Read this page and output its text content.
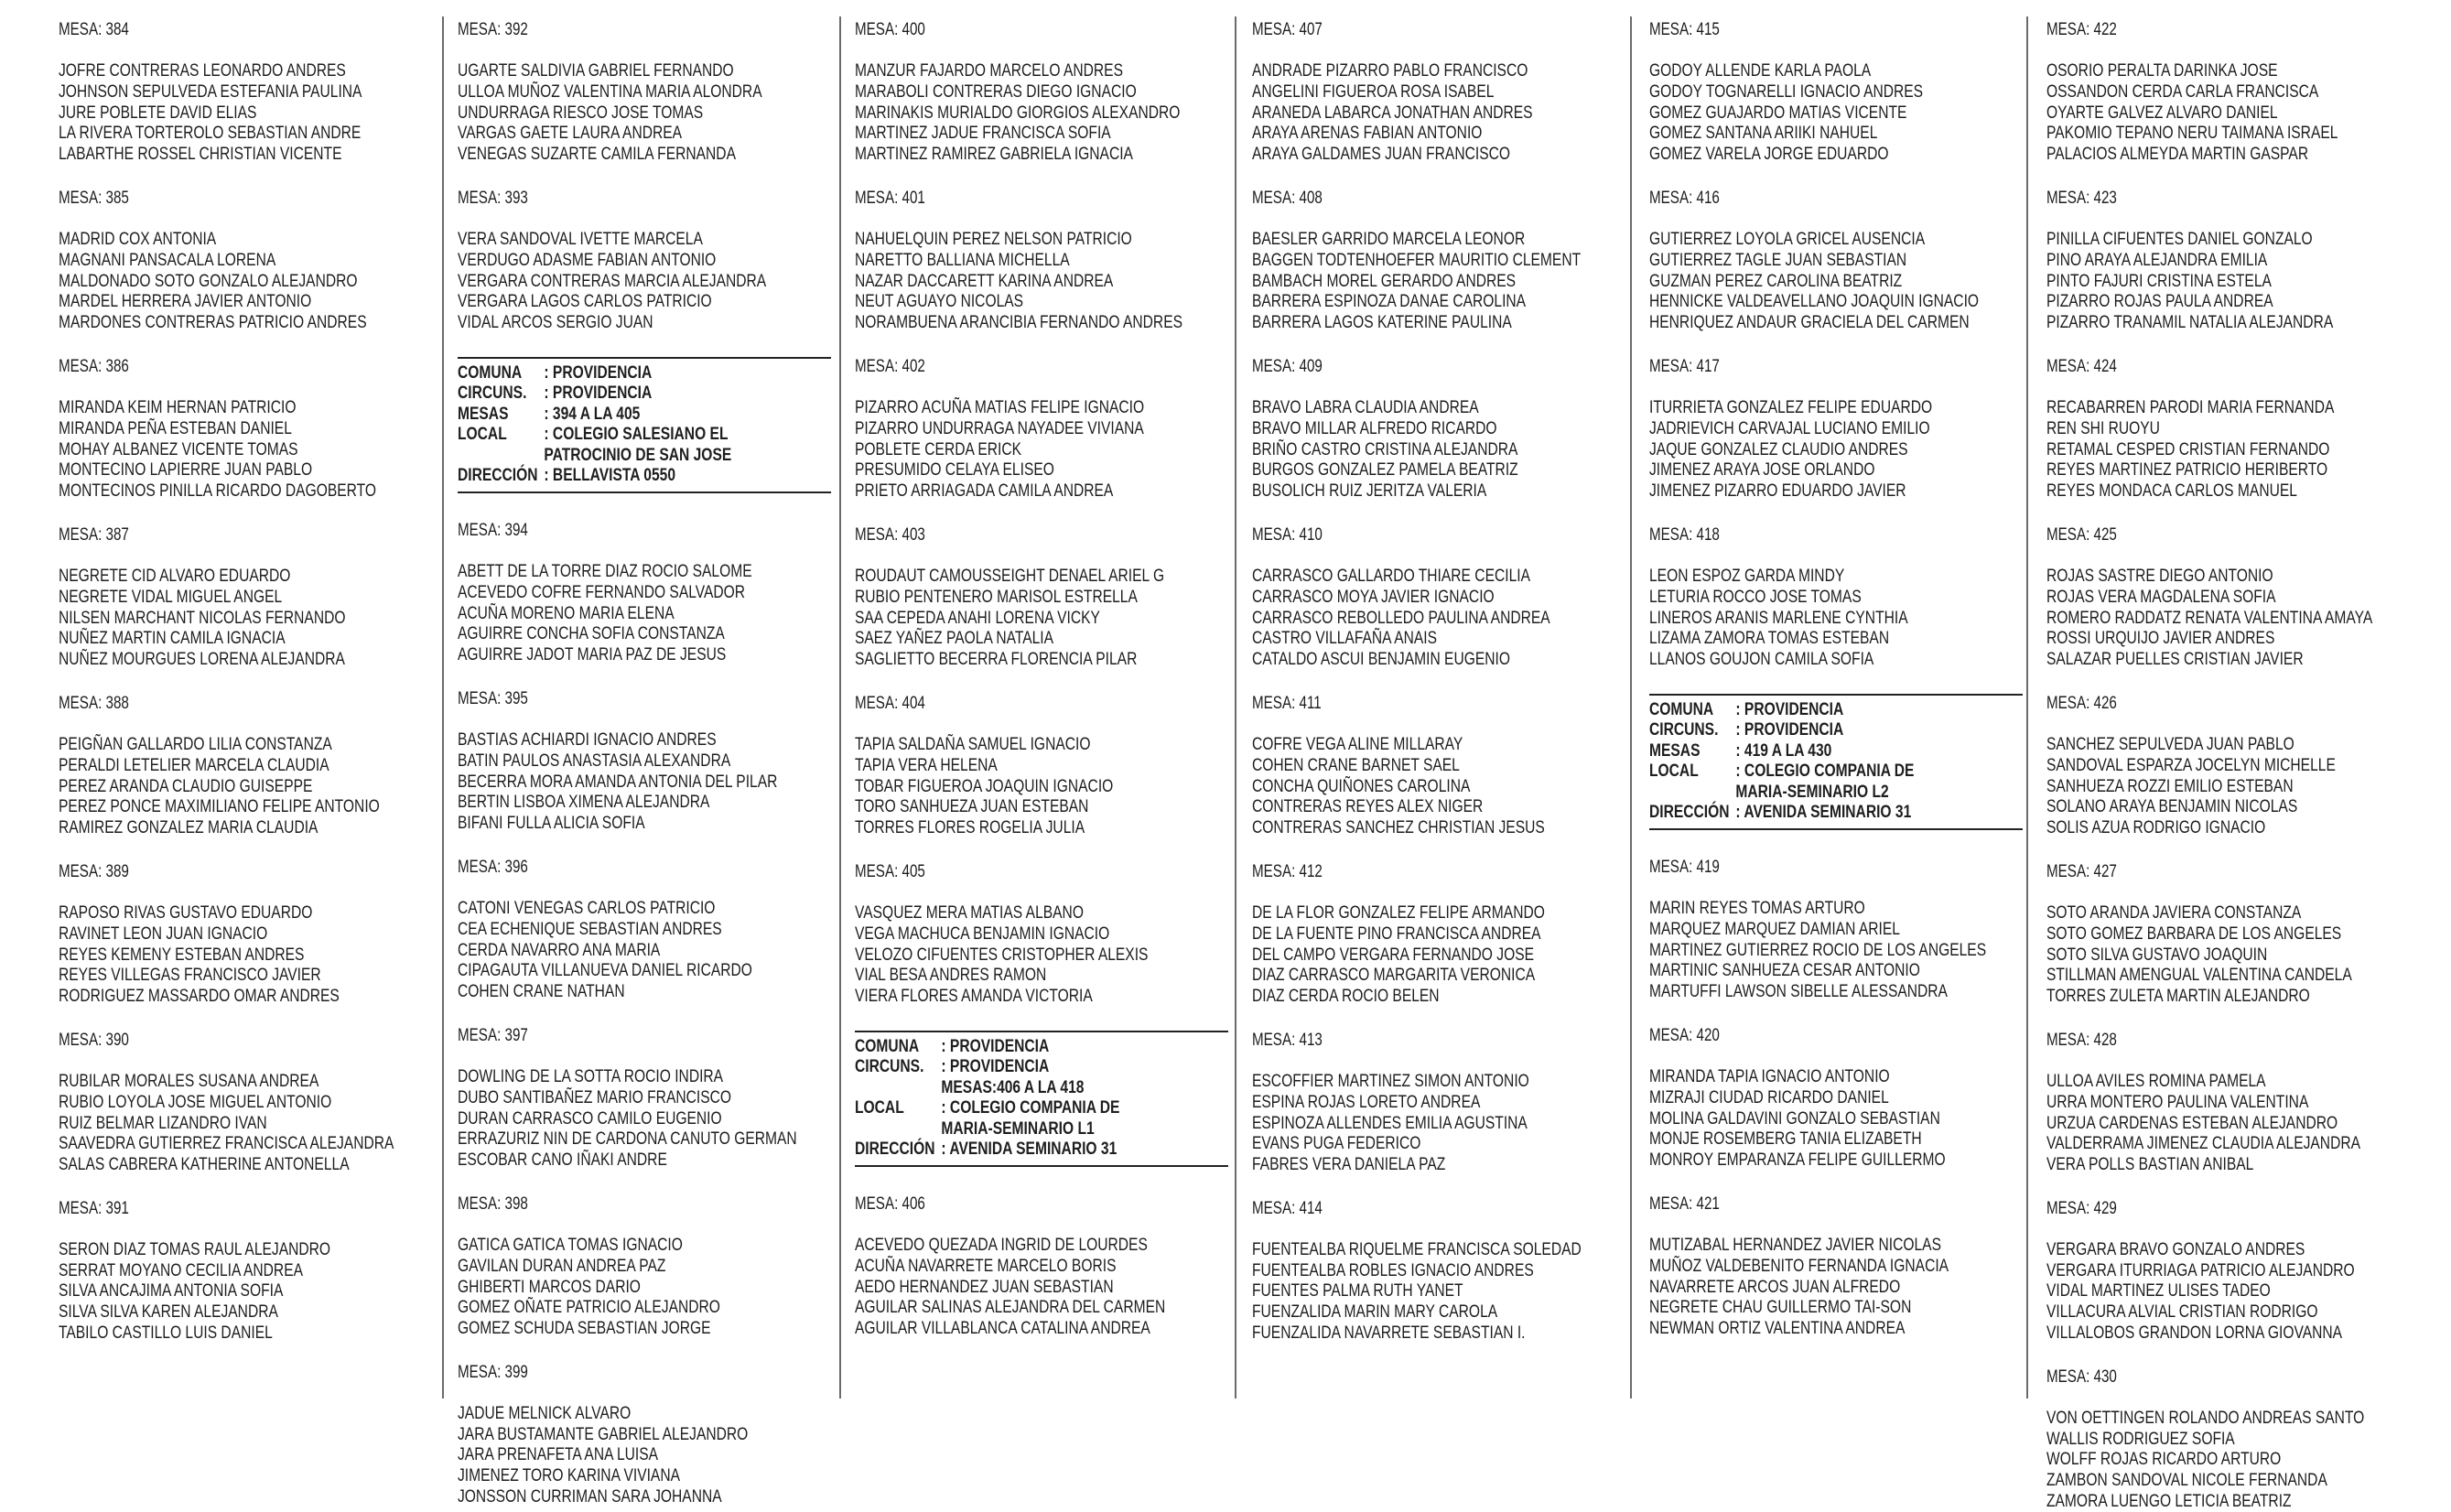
MESA: 384
JOFRE CONTRERAS LEONARDO ANDRES
JOHNSON SEPULVEDA ESTEFANIA PAULINA
JURE POBLETE DAVID ELIAS
LA RIVERA TORTEROLO SEBASTIAN ANDRE
LABARTHE ROSSEL CHRISTIAN VICENTE
MESA: 385
MADRID COX ANTONIA
MAGNANI PANSACALA LORENA
MALDONADO SOTO GONZALO ALEJANDRO
MARDEL HERRERA JAVIER ANTONIO
MARDONES CONTRERAS PATRICIO ANDRES
MESA: 386
MIRANDA KEIM HERNAN PATRICIO
MIRANDA PEÑA ESTEBAN DANIEL
MOHAY ALBANEZ VICENTE TOMAS
MONTECINO LAPIERRE JUAN PABLO
MONTECINOS PINILLA RICARDO DAGOBERTO
MESA: 387
NEGRETE CID ALVARO EDUARDO
NEGRETE VIDAL MIGUEL ANGEL
NILSEN MARCHANT NICOLAS FERNANDO
NUÑEZ MARTIN CAMILA IGNACIA
NUÑEZ MOURGUES LORENA ALEJANDRA
MESA: 388
PEIGÑAN GALLARDO LILIA CONSTANZA
PERALDI LETELIER MARCELA CLAUDIA
PEREZ ARANDA CLAUDIO GUISEPPE
PEREZ PONCE MAXIMILIANO FELIPE ANTONIO
RAMIREZ GONZALEZ MARIA CLAUDIA
MESA: 389
RAPOSO RIVAS GUSTAVO EDUARDO
RAVINET LEON JUAN IGNACIO
REYES KEMENY ESTEBAN ANDRES
REYES VILLEGAS FRANCISCO JAVIER
RODRIGUEZ MASSARDO OMAR ANDRES
MESA: 390
RUBILAR MORALES SUSANA ANDREA
RUBIO LOYOLA JOSE MIGUEL ANTONIO
RUIZ BELMAR LIZANDRO IVAN
SAAVEDRA GUTIERREZ FRANCISCA ALEJANDRA
SALAS CABRERA KATHERINE ANTONELLA
MESA: 391
SERON DIAZ TOMAS RAUL ALEJANDRO
SERRAT MOYANO CECILIA ANDREA
SILVA ANCAJIMA ANTONIA SOFIA
SILVA SILVA KAREN ALEJANDRA
TABILO CASTILLO LUIS DANIEL
MESA: 392
UGARTE SALDIVIA GABRIEL FERNANDO
ULLOA MUÑOZ VALENTINA MARIA ALONDRA
UNDURRAGA RIESCO JOSE TOMAS
VARGAS GAETE LAURA ANDREA
VENEGAS SUZARTE CAMILA FERNANDA
MESA: 393
VERA SANDOVAL IVETTE MARCELA
VERDUGO ADASME FABIAN ANTONIO
VERGARA CONTRERAS MARCIA ALEJANDRA
VERGARA LAGOS CARLOS PATRICIO
VIDAL ARCOS SERGIO JUAN
COMUNA	: PROVIDENCIA
CIRCUNS.	: PROVIDENCIA
MESAS	: 394 A LA 405
LOCAL	: COLEGIO SALESIANO EL
	PATROCINIO DE SAN JOSE
DIRECCIÓN	: BELLAVISTA 0550
MESA: 394
ABETT DE LA TORRE DIAZ ROCIO SALOME
ACEVEDO COFRE FERNANDO SALVADOR
ACUÑA MORENO MARIA ELENA
AGUIRRE CONCHA SOFIA CONSTANZA
AGUIRRE JADOT MARIA PAZ DE JESUS
MESA: 395
BASTIAS ACHIARDI IGNACIO ANDRES
BATIN PAULOS ANASTASIA ALEXANDRA
BECERRA MORA AMANDA ANTONIA DEL PILAR
BERTIN LISBOA XIMENA ALEJANDRA
BIFANI FULLA ALICIA SOFIA
MESA: 396
CATONI VENEGAS CARLOS PATRICIO
CEA ECHENIQUE SEBASTIAN ANDRES
CERDA NAVARRO ANA MARIA
CIPAGAUTA VILLANUEVA DANIEL RICARDO
COHEN CRANE NATHAN
MESA: 397
DOWLING DE LA SOTTA ROCIO INDIRA
DUBO SANTIBAÑEZ MARIO FRANCISCO
DURAN CARRASCO CAMILO EUGENIO
ERRAZURIZ NIN DE CARDONA CANUTO GERMAN
ESCOBAR CANO IÑAKI ANDRE
MESA: 398
GATICA GATICA TOMAS IGNACIO
GAVILAN DURAN ANDREA PAZ
GHIBERTI MARCOS DARIO
GOMEZ OÑATE PATRICIO ALEJANDRO
GOMEZ SCHUDA SEBASTIAN JORGE
MESA: 399
JADUE MELNICK ALVARO
JARA BUSTAMANTE GABRIEL ALEJANDRO
JARA PRENAFETA ANA LUISA
JIMENEZ TORO KARINA VIVIANA
JONSSON CURRIMAN SARA JOHANNA
MESA: 400
MANZUR FAJARDO MARCELO ANDRES
MARABOLI CONTRERAS DIEGO IGNACIO
MARINAKIS MURIALDO GIORGIOS ALEXANDRO
MARTINEZ JADUE FRANCISCA SOFIA
MARTINEZ RAMIREZ GABRIELA IGNACIA
MESA: 401
NAHUELQUIN PEREZ NELSON PATRICIO
NARETTO BALLIANA MICHELLA
NAZAR DACCARETT KARINA ANDREA
NEUT AGUAYO NICOLAS
NORAMBUENA ARANCIBIA FERNANDO ANDRES
MESA: 402
PIZARRO ACUÑA MATIAS FELIPE IGNACIO
PIZARRO UNDURRAGA NAYADEE VIVIANA
POBLETE CERDA ERICK
PRESUMIDO CELAYA ELISEO
PRIETO ARRIAGADA CAMILA ANDREA
MESA: 403
ROUDAUT CAMOUSSEIGHT DENAEL ARIEL G
RUBIO PENTENERO MARISOL ESTRELLA
SAA CEPEDA ANAHI LORENA VICKY
SAEZ YAÑEZ PAOLA NATALIA
SAGLIETTO BECERRA FLORENCIA PILAR
MESA: 404
TAPIA SALDAÑA SAMUEL IGNACIO
TAPIA VERA HELENA
TOBAR FIGUEROA JOAQUIN IGNACIO
TORO SANHUEZA JUAN ESTEBAN
TORRES FLORES ROGELIA JULIA
MESA: 405
VASQUEZ MERA MATIAS ALBANO
VEGA MACHUCA BENJAMIN IGNACIO
VELOZO CIFUENTES CRISTOPHER ALEXIS
VIAL BESA ANDRES RAMON
VIERA FLORES AMANDA VICTORIA
COMUNA	: PROVIDENCIA
CIRCUNS.	: PROVIDENCIA
	MESAS:406 A LA 418
LOCAL	: COLEGIO COMPANIA DE
	MARIA-SEMINARIO L1
DIRECCIÓN	: AVENIDA SEMINARIO 31
MESA: 406
ACEVEDO QUEZADA INGRID DE LOURDES
ACUÑA NAVARRETE MARCELO BORIS
AEDO HERNANDEZ JUAN SEBASTIAN
AGUILAR SALINAS ALEJANDRA DEL CARMEN
AGUILAR VILLABLANCA CATALINA ANDREA
MESA: 407
ANDRADE PIZARRO PABLO FRANCISCO
ANGELINI FIGUEROA ROSA ISABEL
ARANEDA LABARCA JONATHAN ANDRES
ARAYA ARENAS FABIAN ANTONIO
ARAYA GALDAMES JUAN FRANCISCO
MESA: 408
BAESLER GARRIDO MARCELA LEONOR
BAGGEN TODTENHOEFER MAURITIO CLEMENT
BAMBACH MOREL GERARDO ANDRES
BARRERA ESPINOZA DANAE CAROLINA
BARRERA LAGOS KATERINE PAULINA
MESA: 409
BRAVO LABRA CLAUDIA ANDREA
BRAVO MILLAR ALFREDO RICARDO
BRIÑO CASTRO CRISTINA ALEJANDRA
BURGOS GONZALEZ PAMELA BEATRIZ
BUSOLICH RUIZ JERITZA VALERIA
MESA: 410
CARRASCO GALLARDO THIARE CECILIA
CARRASCO MOYA JAVIER IGNACIO
CARRASCO REBOLLEDO PAULINA ANDREA
CASTRO VILLAFAÑA ANAIS
CATALDO ASCUI BENJAMIN EUGENIO
MESA: 411
COFRE VEGA ALINE MILLARAY
COHEN CRANE BARNET SAEL
CONCHA QUIÑONES CAROLINA
CONTRERAS REYES ALEX NIGER
CONTRERAS SANCHEZ CHRISTIAN JESUS
MESA: 412
DE LA FLOR GONZALEZ FELIPE ARMANDO
DE LA FUENTE PINO FRANCISCA ANDREA
DEL CAMPO VERGARA FERNANDO JOSE
DIAZ CARRASCO MARGARITA VERONICA
DIAZ CERDA ROCIO BELEN
MESA: 413
ESCOFFIER MARTINEZ SIMON ANTONIO
ESPINA ROJAS LORETO ANDREA
ESPINOZA ALLENDES EMILIA AGUSTINA
EVANS PUGA FEDERICO
FABRES VERA DANIELA PAZ
MESA: 414
FUENTEALBA RIQUELME FRANCISCA SOLEDAD
FUENTEALBA ROBLES IGNACIO ANDRES
FUENTES PALMA RUTH YANET
FUENZALIDA MARIN MARY CAROLA
FUENZALIDA NAVARRETE SEBASTIAN I.
MESA: 415
GODOY ALLENDE KARLA PAOLA
GODOY TOGNARELLI IGNACIO ANDRES
GOMEZ GUAJARDO MATIAS VICENTE
GOMEZ SANTANA ARIIKI NAHUEL
GOMEZ VARELA JORGE EDUARDO
MESA: 416
GUTIERREZ LOYOLA GRICEL AUSENCIA
GUTIERREZ TAGLE JUAN SEBASTIAN
GUZMAN PEREZ CAROLINA BEATRIZ
HENNICKE VALDEAVELLANO JOAQUIN IGNACIO
HENRIQUEZ ANDAUR GRACIELA DEL CARMEN
MESA: 417
ITURRIETA GONZALEZ FELIPE EDUARDO
JADRIEVICH CARVAJAL LUCIANO EMILIO
JAQUE GONZALEZ CLAUDIO ANDRES
JIMENEZ ARAYA JOSE ORLANDO
JIMENEZ PIZARRO EDUARDO JAVIER
MESA: 418
LEON ESPOZ GARDA MINDY
LETURIA ROCCO JOSE TOMAS
LINEROS ARANIS MARLENE CYNTHIA
LIZAMA ZAMORA TOMAS ESTEBAN
LLANOS GOUJON CAMILA SOFIA
COMUNA	: PROVIDENCIA
CIRCUNS.	: PROVIDENCIA
MESAS	: 419 A LA 430
LOCAL	: COLEGIO COMPANIA DE
	MARIA-SEMINARIO L2
DIRECCIÓN	: AVENIDA SEMINARIO 31
MESA: 419
MARIN REYES TOMAS ARTURO
MARQUEZ MARQUEZ DAMIAN ARIEL
MARTINEZ GUTIERREZ ROCIO DE LOS ANGELES
MARTINIC SANHUEZA CESAR ANTONIO
MARTUFFI LAWSON SIBELLE ALESSANDRA
MESA: 420
MIRANDA TAPIA IGNACIO ANTONIO
MIZRAJI CIUDAD RICARDO DANIEL
MOLINA GALDAVINI GONZALO SEBASTIAN
MONJE ROSEMBERG TANIA ELIZABETH
MONROY EMPARANZA FELIPE GUILLERMO
MESA: 421
MUTIZABAL HERNANDEZ JAVIER NICOLAS
MUÑOZ VALDEBENITO FERNANDA IGNACIA
NAVARRETE ARCOS JUAN ALFREDO
NEGRETE CHAU GUILLERMO TAI-SON
NEWMAN ORTIZ VALENTINA ANDREA
MESA: 422
OSORIO PERALTA DARINKA JOSE
OSSANDON CERDA CARLA FRANCISCA
OYARTE GALVEZ ALVARO DANIEL
PAKOMIO TEPANO NERU TAIMANA ISRAEL
PALACIOS ALMEYDA MARTIN GASPAR
MESA: 423
PINILLA CIFUENTES DANIEL GONZALO
PINO ARAYA ALEJANDRA EMILIA
PINTO FAJURI CRISTINA ESTELA
PIZARRO ROJAS PAULA ANDREA
PIZARRO TRANAMIL NATALIA ALEJANDRA
MESA: 424
RECABARREN PARODI MARIA FERNANDA
REN SHI RUOYU
RETAMAL CESPED CRISTIAN FERNANDO
REYES MARTINEZ PATRICIO HERIBERTO
REYES MONDACA CARLOS MANUEL
MESA: 425
ROJAS SASTRE DIEGO ANTONIO
ROJAS VERA MAGDALENA SOFIA
ROMERO RADDATZ RENATA VALENTINA AMAYA
ROSSI URQUIJO JAVIER ANDRES
SALAZAR PUELLES CRISTIAN JAVIER
MESA: 426
SANCHEZ SEPULVEDA JUAN PABLO
SANDOVAL ESPARZA JOCELYN MICHELLE
SANHUEZA ROZZI EMILIO ESTEBAN
SOLANO ARAYA BENJAMIN NICOLAS
SOLIS AZUA RODRIGO IGNACIO
MESA: 427
SOTO ARANDA JAVIERA CONSTANZA
SOTO GOMEZ BARBARA DE LOS ANGELES
SOTO SILVA GUSTAVO JOAQUIN
STILLMAN AMENGUAL VALENTINA CANDELA
TORRES ZULETA MARTIN ALEJANDRO
MESA: 428
ULLOA AVILES ROMINA PAMELA
URRA MONTERO PAULINA VALENTINA
URZUA CARDENAS ESTEBAN ALEJANDRO
VALDERRAMA JIMENEZ CLAUDIA ALEJANDRA
VERA POLLS BASTIAN ANIBAL
MESA: 429
VERGARA BRAVO GONZALO ANDRES
VERGARA ITURRIAGA PATRICIO ALEJANDRO
VIDAL MARTINEZ ULISES TADEO
VILLACURA ALVIAL CRISTIAN RODRIGO
VILLALOBOS GRANDON LORNA GIOVANNA
MESA: 430
VON OETTINGEN ROLANDO ANDREAS SANTO
WALLIS RODRIGUEZ SOFIA
WOLFF ROJAS RICARDO ARTURO
ZAMBON SANDOVAL NICOLE FERNANDA
ZAMORA LUENGO LETICIA BEATRIZ
